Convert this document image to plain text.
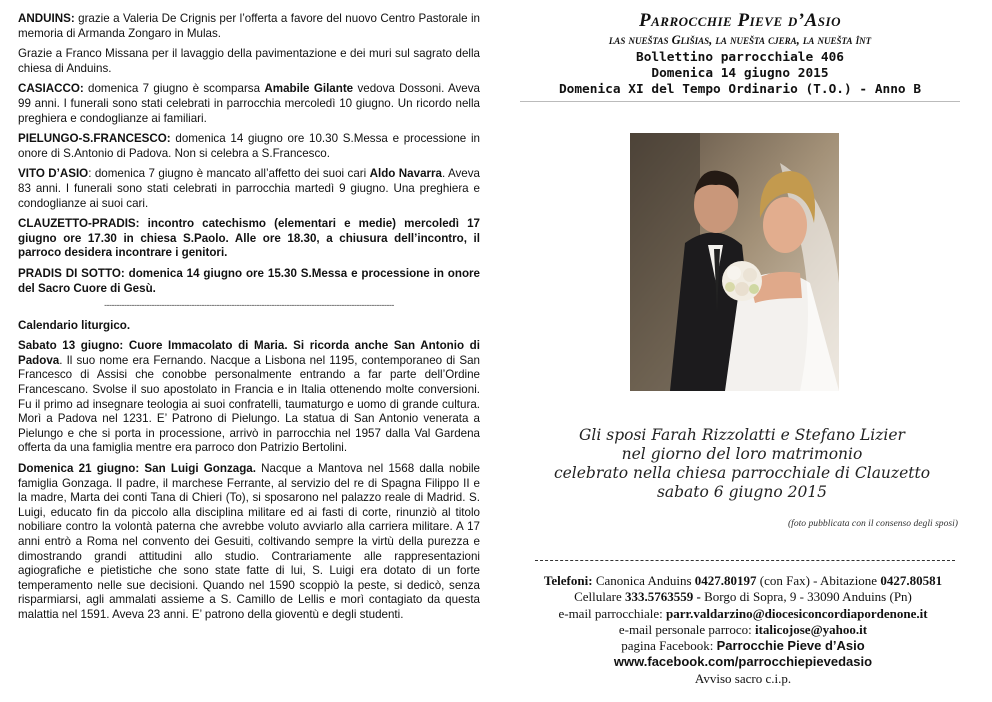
ANDUINS: grazie a Valeria De Crignis per l’offerta a favore del nuovo Centro Pastorale in memoria di Armanda Zongaro in Mulas.

Grazie a Franco Missana per il lavaggio della pavimentazione e dei muri sul sagrato della chiesa di Anduins.

CASIACCO: domenica 7 giugno è scomparsa Amabile Gilante vedova Dossoni. Aveva 99 anni. I funerali sono stati celebrati in parrocchia mercoledì 10 giugno. Un ricordo nella preghiera e condoglianze ai familiari.

PIELUNGO-S.FRANCESCO: domenica 14 giugno ore 10.30 S.Messa e processione in onore di S.Antonio di Padova. Non si celebra a S.Francesco.

VITO D’ASIO: domenica 7 giugno è mancato all’affetto dei suoi cari Aldo Navarra. Aveva 83 anni. I funerali sono stati celebrati in parrocchia martedì 9 giugno. Una preghiera e condoglianze ai suoi cari.

CLAUZETTO-PRADIS: incontro catechismo (elementari e medie) mercoledì 17 giugno ore 17.30 in chiesa S.Paolo. Alle ore 18.30, a chiusura dell’incontro, il parroco desidera incontrare i genitori.

PRADIS DI SOTTO: domenica 14 giugno ore 15.30 S.Messa e processione in onore del Sacro Cuore di Gesù.

--------------------------------------------------------------------------------------------------------------------
Calendario liturgico.

Sabato 13 giugno: Cuore Immacolato di Maria. Si ricorda anche San Antonio di Padova. Il suo nome era Fernando. Nacque a Lisbona nel 1195, contemporaneo di San Francesco di Assisi che conobbe personalmente entrando a far parte dell’Ordine Francescano. Svolse il suo apostolato in Francia e in Italia ottenendo molte conversioni. Fu il primo ad insegnare teologia ai suoi confratelli, taumaturgo e uomo di grande cultura. Morì a Padova nel 1231. E’ Patrono di Pielungo. La statua di San Antonio venerata a Pielungo e che si porta in processione, arrivò in parrocchia nel 1957 dalla Val Gardena offerta da una famiglia mentre era parroco don Patrizio Bertolini.

Domenica 21 giugno: San Luigi Gonzaga. Nacque a Mantova nel 1568 dalla nobile famiglia Gonzaga. Il padre, il marchese Ferrante, al servizio del re di Spagna Filippo II e la madre, Marta dei conti Tana di Chieri (To), si sposarono nel palazzo reale di Madrid. S. Luigi, educato fin da piccolo alla disciplina militare ed ai fasti di corte, rinunziò al titolo nobiliare contro la volontà paterna che avrebbe voluto avviarlo alla carriera militare. A 17 anni entrò a Roma nel convento dei Gesuiti, coltivando sempre la virtù della purezza e dimostrando grandi attitudini allo studio. Contrariamente alle rappresentazioni agiografiche e pietistiche che sono state fatte di lui, S. Luigi era dotato di un forte temperamento nelle sue decisioni. Quando nel 1590 scoppiò la peste, si dedicò, senza risparmiarsi, agli ammalati assieme a S. Camillo de Lellis e morì contagiato da questa malattia nel 1591. Aveva 23 anni. E’ patrono della gioventù e degli studenti.

Parrocchie Pieve d’Asio
las nueštas Glišias, la nuešta cjera, la nuešta înt
Bollettino parrocchiale 406
Domenica 14 giugno 2015
Domenica XI del Tempo Ordinario (T.O.) - Anno B
Gli sposi Farah Rizzolatti e Stefano Lizier
nel giorno del loro matrimonio
celebrato nella chiesa parrocchiale di Clauzetto
sabato 6 giugno 2015
(foto pubblicata con il consenso degli sposi)
Telefoni: Canonica Anduins 0427.80197 (con Fax) - Abitazione 0427.80581
Cellulare 333.5763559 - Borgo di Sopra, 9 - 33090 Anduins (Pn)
e-mail parrocchiale: parr.valdarzino@diocesiconcordiapordenone.it
e-mail personale parroco: italicojose@yahoo.it
pagina Facebook: Parrocchie Pieve d’Asio
www.facebook.com/parrocchiepievedasio
Avviso sacro c.i.p.
